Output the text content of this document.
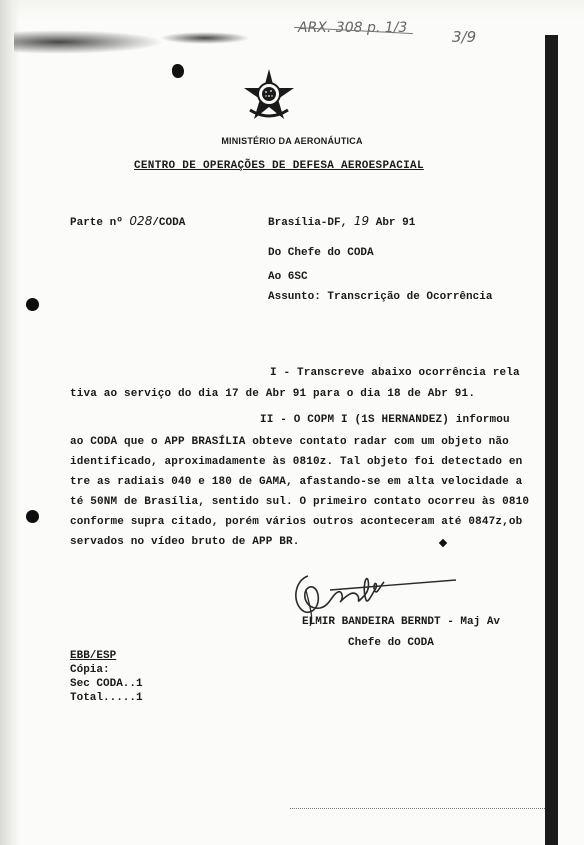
ARX. 308 p. 1/3	3/9
MINISTÉRIO DA AERONÁUTICA
CENTRO DE OPERAÇÕES DE DEFESA AEROESPACIAL
Parte nº 028/CODA	Brasília-DF, 19 Abr 91
Do Chefe do CODA
Ao 6SC
Assunto: Transcrição de Ocorrência
I - Transcreve abaixo ocorrência rela
tiva ao serviço do dia 17 de Abr 91 para o dia 18 de Abr 91.
II - O COPM I (1S HERNANDEZ) informou
ao CODA que o APP BRASÍLIA obteve contato radar com um objeto não
identificado, aproximadamente às 0810z. Tal objeto foi detectado en
tre as radiais 040 e 180 de GAMA, afastando-se em alta velocidade a
té 50NM de Brasília, sentido sul. O primeiro contato ocorreu às 0810
conforme supra citado, porém vários outros aconteceram até 0847z,ob
servados no vídeo bruto de APP BR.
ELMIR BANDEIRA BERNDT - Maj Av
Chefe do CODA
EBB/ESP
Cópia:
Sec CODA..1
Total.....1
